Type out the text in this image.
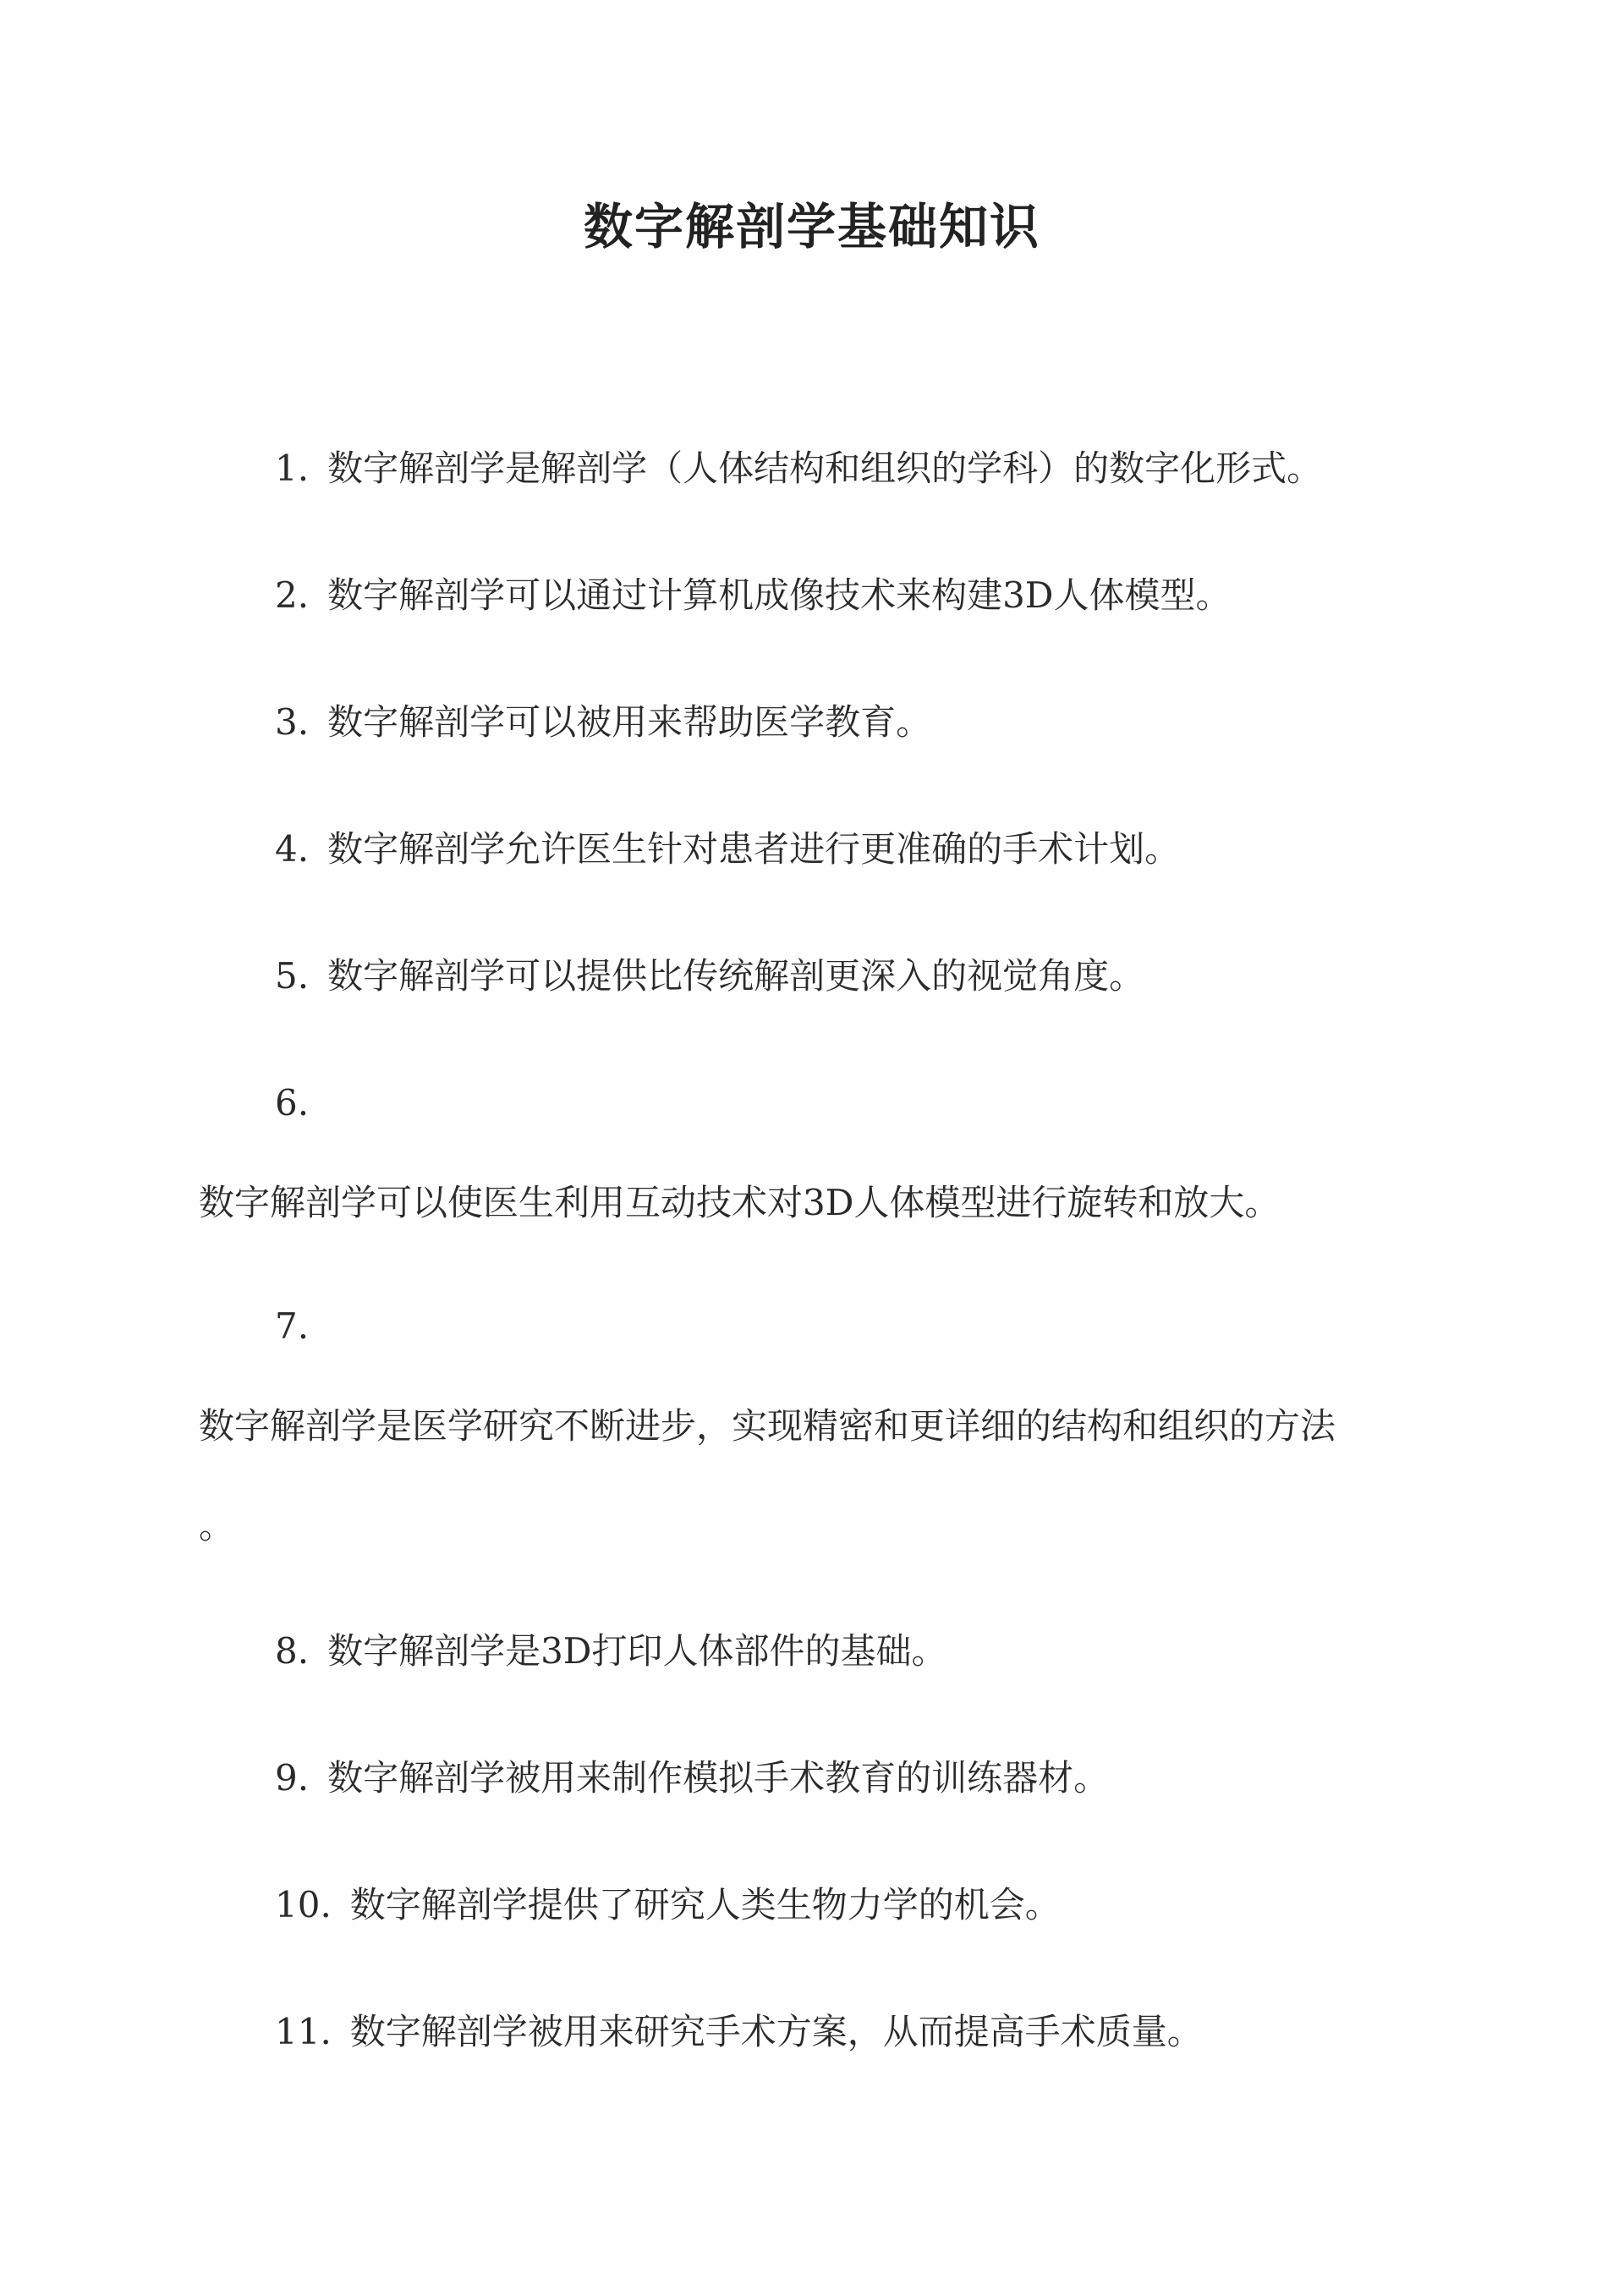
数字解剖学基础知识
1. 数字解剖学是解剖学（人体结构和组织的学科）的数字化形式。
2. 数字解剖学可以通过计算机成像技术来构建3D人体模型。
3. 数字解剖学可以被用来帮助医学教育。
4. 数字解剖学允许医生针对患者进行更准确的手术计划。
5. 数字解剖学可以提供比传统解剖更深入的视觉角度。
6.
数字解剖学可以使医生利用互动技术对3D人体模型进行旋转和放大。
7.
数字解剖学是医学研究不断进步，实现精密和更详细的结构和组织的方法
。
8. 数字解剖学是3D打印人体部件的基础。
9. 数字解剖学被用来制作模拟手术教育的训练器材。
10. 数字解剖学提供了研究人类生物力学的机会。
11. 数字解剖学被用来研究手术方案，从而提高手术质量。
